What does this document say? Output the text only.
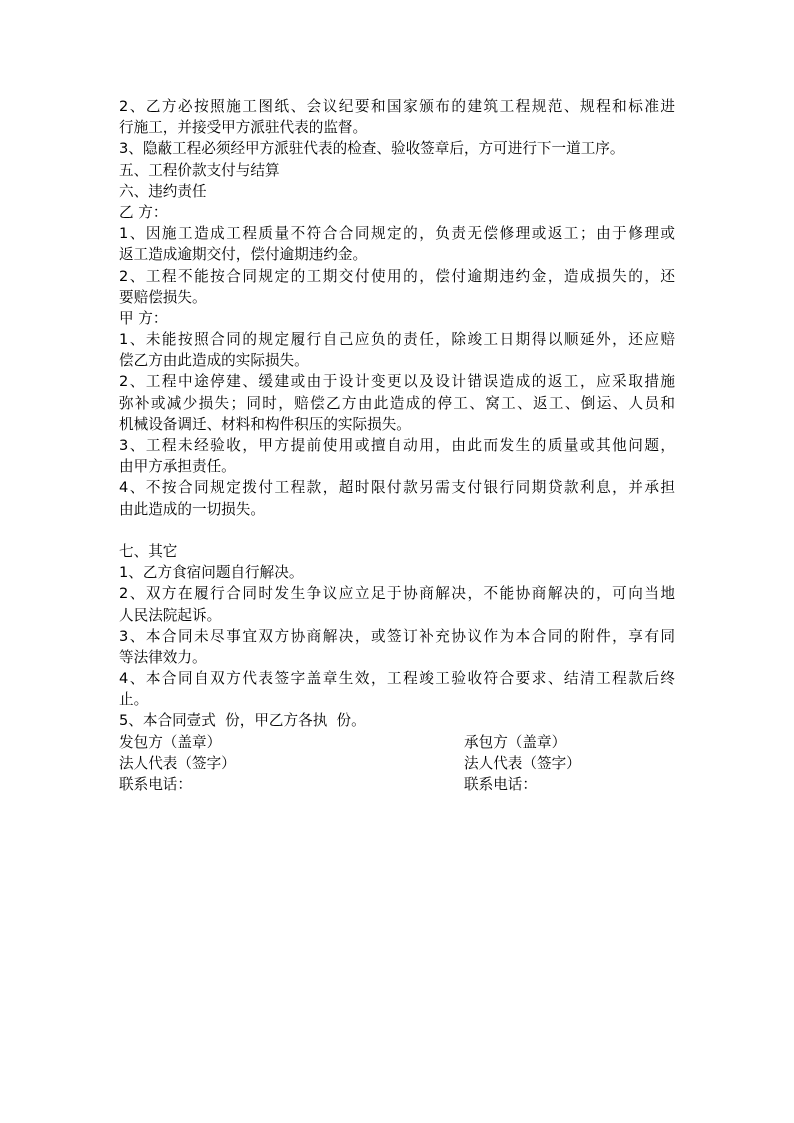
2、乙方必按照施工图纸、会议纪要和国家颁布的建筑工程规范、规程和标准进
行施工，并接受甲方派驻代表的监督。
3、隐蔽工程必须经甲方派驻代表的检查、验收签章后，方可进行下一道工序。
五、工程价款支付与结算
六、违约责任
乙 方：
1、因施工造成工程质量不符合合同规定的，负责无偿修理或返工；由于修理或
返工造成逾期交付，偿付逾期违约金。
2、工程不能按合同规定的工期交付使用的，偿付逾期违约金，造成损失的，还
要赔偿损失。
甲 方：
1、未能按照合同的规定履行自己应负的责任，除竣工日期得以顺延外，还应赔
偿乙方由此造成的实际损失。
2、工程中途停建、缓建或由于设计变更以及设计错误造成的返工，应采取措施
弥补或减少损失；同时，赔偿乙方由此造成的停工、窝工、返工、倒运、人员和
机械设备调迁、材料和构件积压的实际损失。
3、工程未经验收，甲方提前使用或擅自动用，由此而发生的质量或其他问题，
由甲方承担责任。
4、不按合同规定拨付工程款，超时限付款另需支付银行同期贷款利息，并承担
由此造成的一切损失。
七、其它
1、乙方食宿问题自行解决。
2、双方在履行合同时发生争议应立足于协商解决，不能协商解决的，可向当地
人民法院起诉。
3、本合同未尽事宜双方协商解决，或签订补充协议作为本合同的附件，享有同
等法律效力。
4、本合同自双方代表签字盖章生效，工程竣工验收符合要求、结清工程款后终
止。
5、本合同壹式  份，甲乙方各执  份。
发包方（盖章）	承包方（盖章）
法人代表（签字）	法人代表（签字）
联系电话：	联系电话：
